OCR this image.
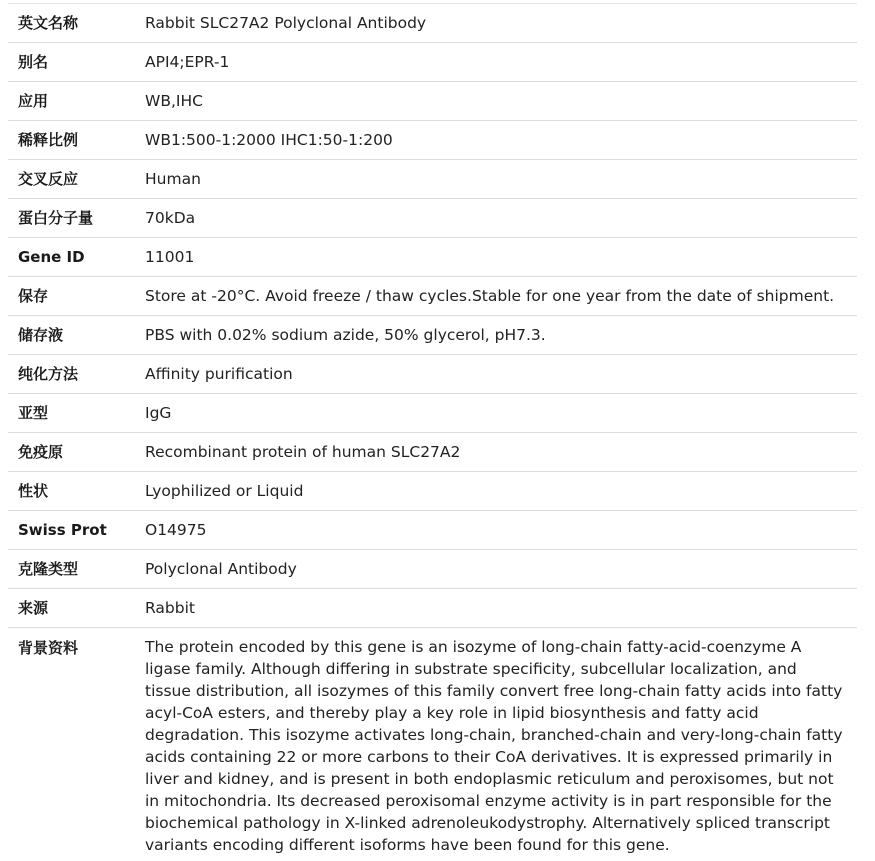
英文名称	Rabbit SLC27A2 Polyclonal Antibody
别名	API4;EPR-1
应用	WB,IHC
稀释比例	WB1:500-1:2000 IHC1:50-1:200
交叉反应	Human
蛋白分子量	70kDa
Gene ID	11001
保存	Store at -20°C. Avoid freeze / thaw cycles.Stable for one year from the date of shipment.
储存液	PBS with 0.02% sodium azide, 50% glycerol, pH7.3.
纯化方法	Affinity purification
亚型	IgG
免疫原	Recombinant protein of human SLC27A2
性状	Lyophilized or Liquid
Swiss Prot	O14975
克隆类型	Polyclonal Antibody
来源	Rabbit
背景资料	The protein encoded by this gene is an isozyme of long-chain fatty-acid-coenzyme A ligase family. Although differing in substrate specificity, subcellular localization, and tissue distribution, all isozymes of this family convert free long-chain fatty acids into fatty acyl-CoA esters, and thereby play a key role in lipid biosynthesis and fatty acid degradation. This isozyme activates long-chain, branched-chain and very-long-chain fatty acids containing 22 or more carbons to their CoA derivatives. It is expressed primarily in liver and kidney, and is present in both endoplasmic reticulum and peroxisomes, but not in mitochondria. Its decreased peroxisomal enzyme activity is in part responsible for the biochemical pathology in X-linked adrenoleukodystrophy. Alternatively spliced transcript variants encoding different isoforms have been found for this gene.
